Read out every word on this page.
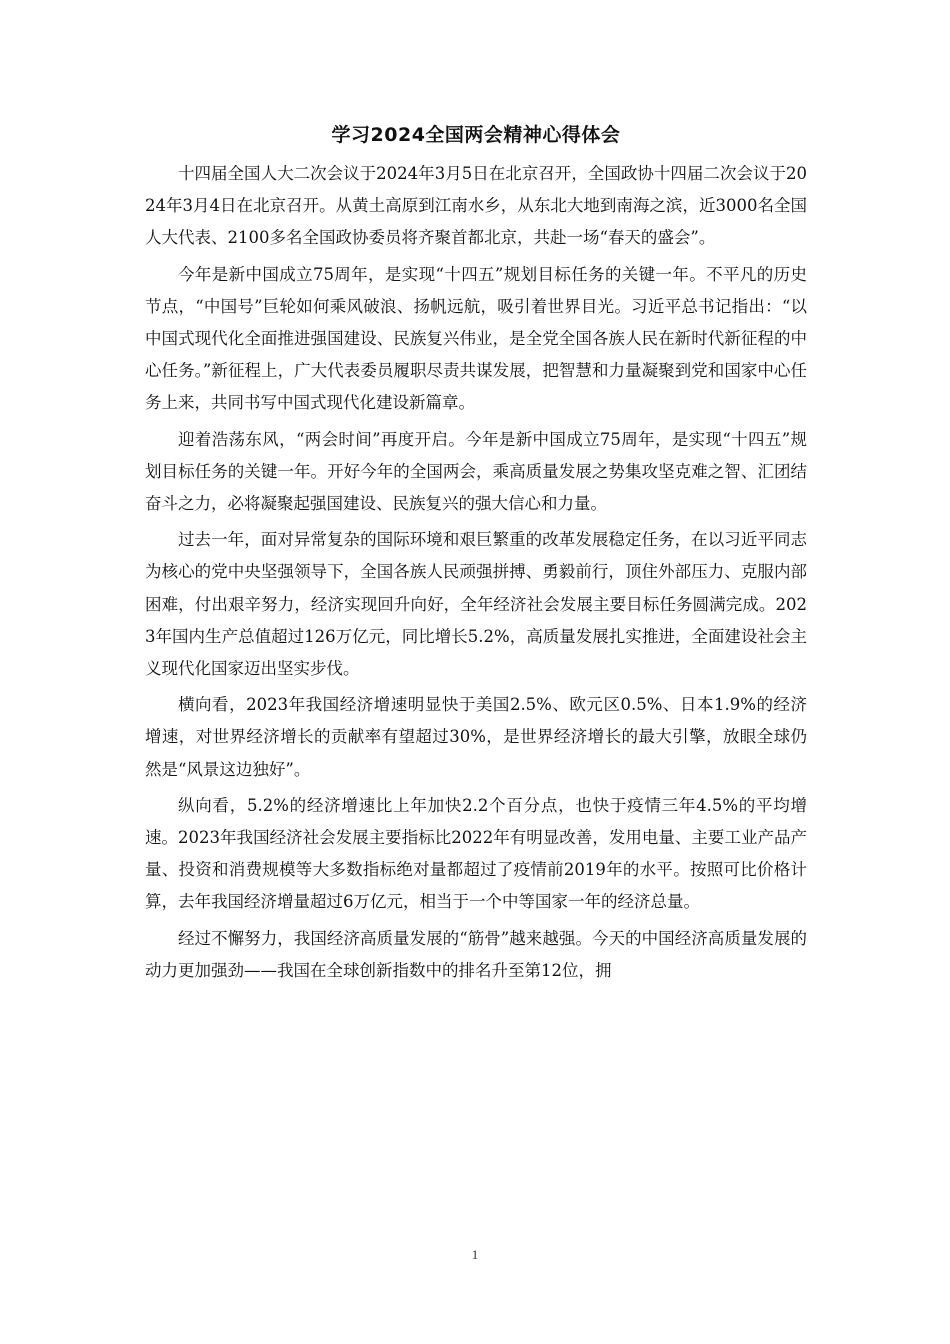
学习2024全国两会精神心得体会

十四届全国人大二次会议于2024年3月5日在北京召开，全国政协十四届二次会议于2024年3月4日在北京召开。从黄土高原到江南水乡，从东北大地到南海之滨，近3000名全国人大代表、2100多名全国政协委员将齐聚首都北京，共赴一场“春天的盛会”。

今年是新中国成立75周年，是实现“十四五”规划目标任务的关键一年。不平凡的历史节点，“中国号”巨轮如何乘风破浪、扬帆远航，吸引着世界目光。习近平总书记指出：“以中国式现代化全面推进强国建设、民族复兴伟业，是全党全国各族人民在新时代新征程的中心任务。”新征程上，广大代表委员履职尽责共谋发展，把智慧和力量凝聚到党和国家中心任务上来，共同书写中国式现代化建设新篇章。

迎着浩荡东风，“两会时间”再度开启。今年是新中国成立75周年，是实现“十四五”规划目标任务的关键一年。开好今年的全国两会，乘高质量发展之势集攻坚克难之智、汇团结奋斗之力，必将凝聚起强国建设、民族复兴的强大信心和力量。

过去一年，面对异常复杂的国际环境和艰巨繁重的改革发展稳定任务，在以习近平同志为核心的党中央坚强领导下，全国各族人民顽强拼搏、勇毅前行，顶住外部压力、克服内部困难，付出艰辛努力，经济实现回升向好，全年经济社会发展主要目标任务圆满完成。2023年国内生产总值超过126万亿元，同比增长5.2%，高质量发展扎实推进，全面建设社会主义现代化国家迈出坚实步伐。

横向看，2023年我国经济增速明显快于美国2.5%、欧元区0.5%、日本1.9%的经济增速，对世界经济增长的贡献率有望超过30%，是世界经济增长的最大引擎，放眼全球仍然是“风景这边独好”。

纵向看，5.2%的经济增速比上年加快2.2个百分点，也快于疫情三年4.5%的平均增速。2023年我国经济社会发展主要指标比2022年有明显改善，发用电量、主要工业产品产量、投资和消费规模等大多数指标绝对量都超过了疫情前2019年的水平。按照可比价格计算，去年我国经济增量超过6万亿元，相当于一个中等国家一年的经济总量。

经过不懈努力，我国经济高质量发展的“筋骨”越来越强。今天的中国经济高质量发展的动力更加强劲——我国在全球创新指数中的排名升至第12位，拥

1
